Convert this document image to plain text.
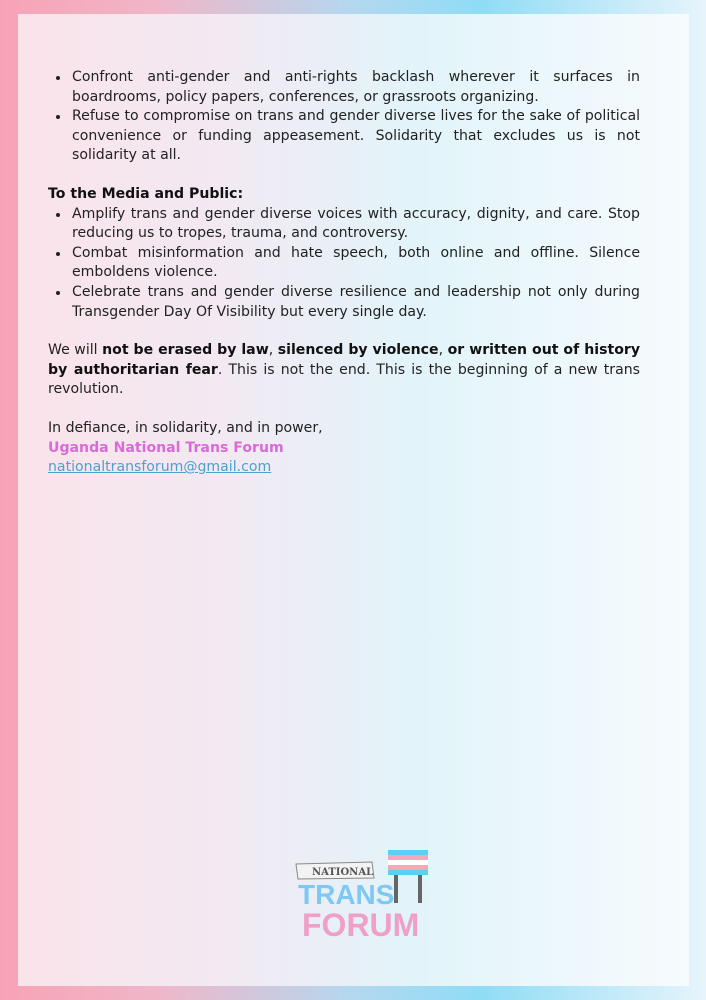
Confront anti-gender and anti-rights backlash wherever it surfaces in boardrooms, policy papers, conferences, or grassroots organizing.
Refuse to compromise on trans and gender diverse lives for the sake of political convenience or funding appeasement. Solidarity that excludes us is not solidarity at all.
To the Media and Public:
Amplify trans and gender diverse voices with accuracy, dignity, and care. Stop reducing us to tropes, trauma, and controversy.
Combat misinformation and hate speech, both online and offline. Silence emboldens violence.
Celebrate trans and gender diverse resilience and leadership not only during Transgender Day Of Visibility but every single day.

We will not be erased by law, silenced by violence, or written out of history by authoritarian fear. This is not the end. This is the beginning of a new trans revolution.

In defiance, in solidarity, and in power,
Uganda National Trans Forum
nationaltransforum@gmail.com
NATIONAL
TRANS
FORUM
